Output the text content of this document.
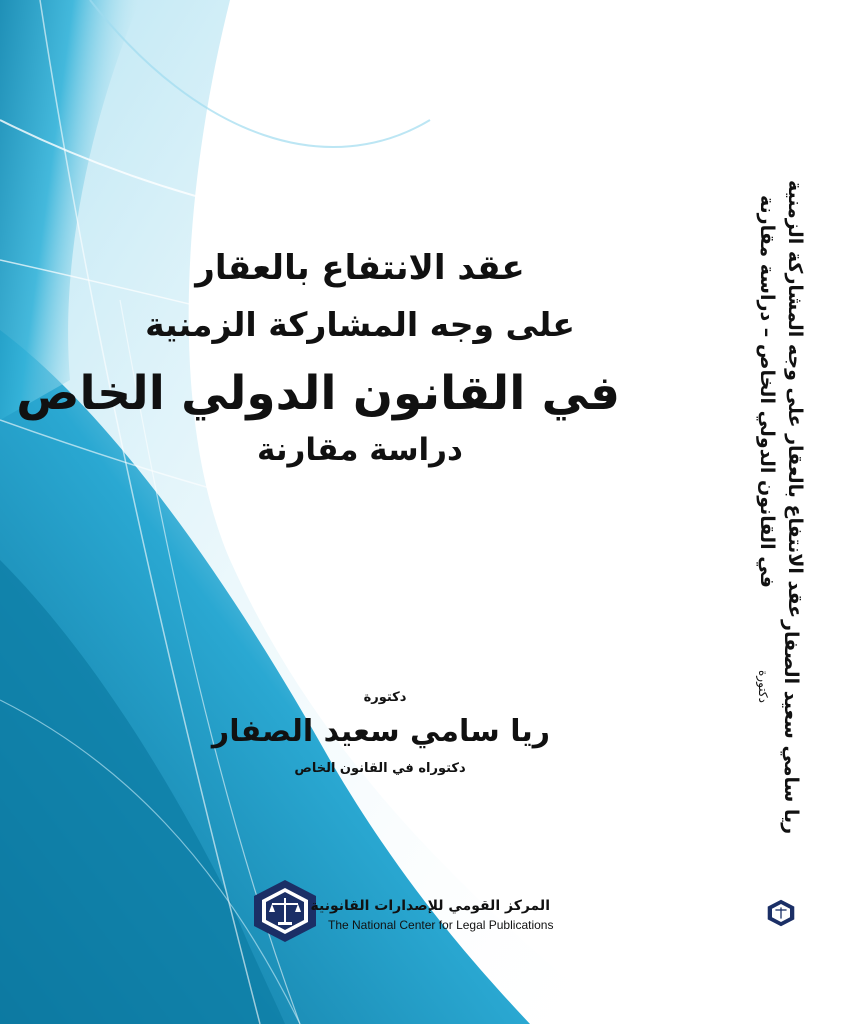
عقد الانتفاع بالعقار
على وجه المشاركة الزمنية
في القانون الدولي الخاص
دراسة مقارنة
دكتورة
ريا سامي سعيد الصفار
دكتوراه في القانون الخاص
المركز القومي للإصدارات القانونية
The National Center for Legal Publications
عقد الانتفاع بالعقار على وجه المشاركة الزمنية
في القانون الدولي الخاص – دراسة مقارنة
دكتورة ريا سامي سعيد الصفار
